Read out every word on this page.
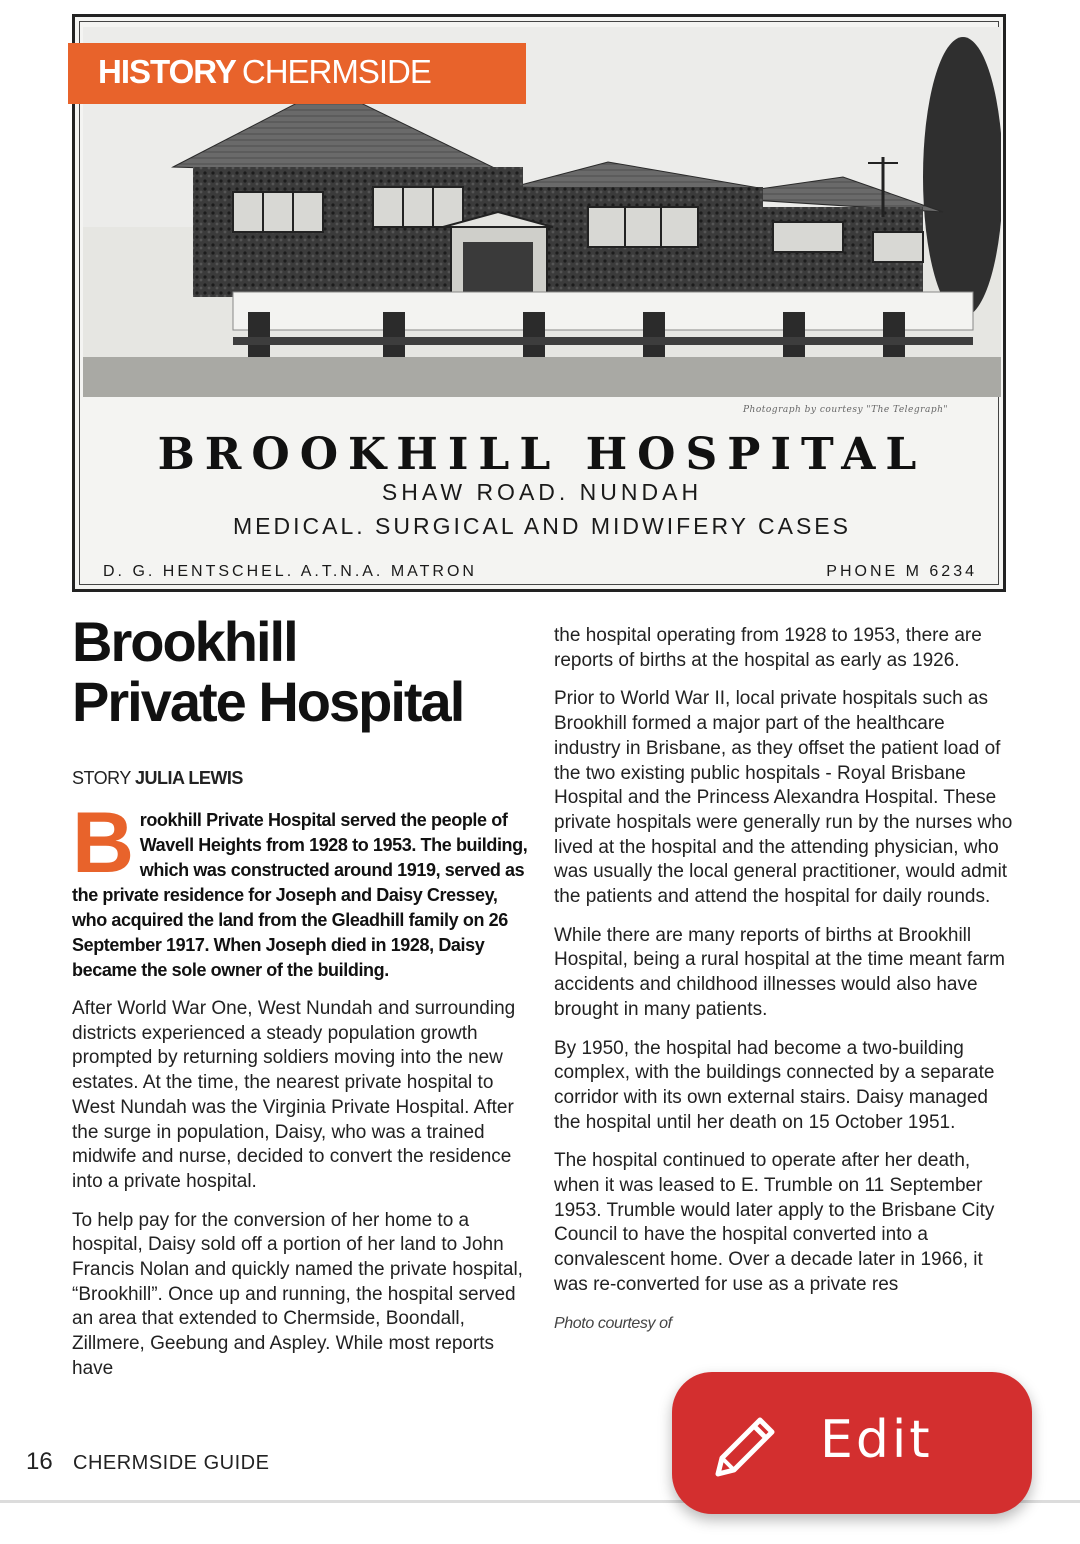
Photograph by courtesy "The Telegraph"
BROOKHILL HOSPITAL
SHAW ROAD. NUNDAH
MEDICAL. SURGICAL AND MIDWIFERY CASES
D. G. HENTSCHEL. A.T.N.A. MATRON	PHONE M 6234
HISTORY CHERMSIDE
Brookhill
Private Hospital
STORY JULIA LEWIS

Brookhill Private Hospital served the people of Wavell Heights from 1928 to 1953. The building, which was constructed around 1919, served as the private residence for Joseph and Daisy Cressey, who acquired the land from the Gleadhill family on 26 September 1917. When Joseph died in 1928, Daisy became the sole owner of the building.

After World War One, West Nundah and surrounding districts experienced a steady population growth prompted by returning soldiers moving into the new estates. At the time, the nearest private hospital to West Nundah was the Virginia Private Hospital. After the surge in population, Daisy, who was a trained midwife and nurse, decided to convert the residence into a private hospital.

To help pay for the conversion of her home to a hospital, Daisy sold off a portion of her land to John Francis Nolan and quickly named the private hospital, “Brookhill”. Once up and running, the hospital served an area that extended to Chermside, Boondall, Zillmere, Geebung and Aspley. While most reports have

the hospital operating from 1928 to 1953, there are reports of births at the hospital as early as 1926.

Prior to World War II, local private hospitals such as Brookhill formed a major part of the healthcare industry in Brisbane, as they offset the patient load of the two existing public hospitals - Royal Brisbane Hospital and the Princess Alexandra Hospital. These private hospitals were generally run by the nurses who lived at the hospital and the attending physician, who was usually the local general practitioner, would admit the patients and attend the hospital for daily rounds.

While there are many reports of births at Brookhill Hospital, being a rural hospital at the time meant farm accidents and childhood illnesses would also have brought in many patients.

By 1950, the hospital had become a two-building complex, with the buildings connected by a separate corridor with its own external stairs. Daisy managed the hospital until her death on 15 October 1951.

The hospital continued to operate after her death, when it was leased to E. Trumble on 11 September 1953. Trumble would later apply to the Brisbane City Council to have the hospital converted into a convalescent home. Over a decade later in 1966, it was re-converted for use as a private res

Photo courtesy of

16 CHERMSIDE GUIDE	Edit
